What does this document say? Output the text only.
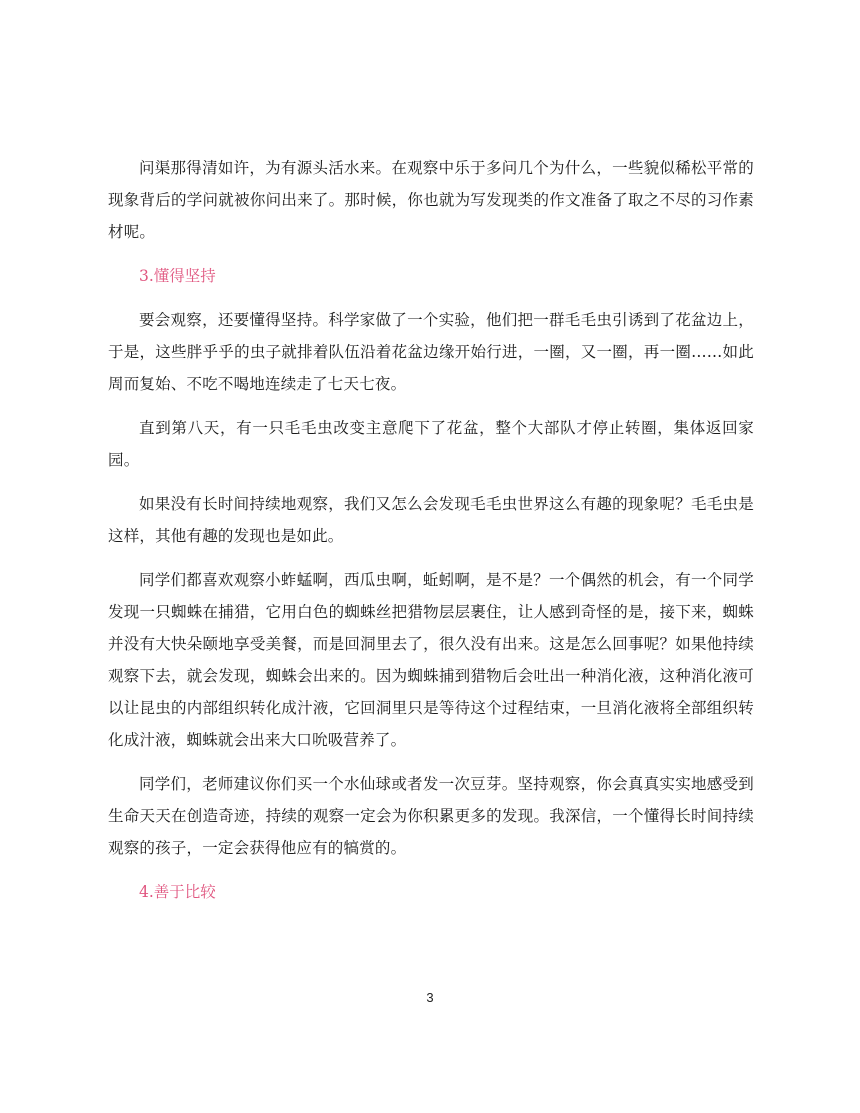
问渠那得清如许，为有源头活水来。在观察中乐于多问几个为什么，一些貌似稀松平常的现象背后的学问就被你问出来了。那时候，你也就为写发现类的作文准备了取之不尽的习作素材呢。

3.懂得坚持

要会观察，还要懂得坚持。科学家做了一个实验，他们把一群毛毛虫引诱到了花盆边上，于是，这些胖乎乎的虫子就排着队伍沿着花盆边缘开始行进，一圈，又一圈，再一圈……如此周而复始、不吃不喝地连续走了七天七夜。

直到第八天，有一只毛毛虫改变主意爬下了花盆，整个大部队才停止转圈，集体返回家园。

如果没有长时间持续地观察，我们又怎么会发现毛毛虫世界这么有趣的现象呢？毛毛虫是这样，其他有趣的发现也是如此。

同学们都喜欢观察小蚱蜢啊，西瓜虫啊，蚯蚓啊，是不是？一个偶然的机会，有一个同学发现一只蜘蛛在捕猎，它用白色的蜘蛛丝把猎物层层裹住，让人感到奇怪的是，接下来，蜘蛛并没有大快朵颐地享受美餐，而是回洞里去了，很久没有出来。这是怎么回事呢？如果他持续观察下去，就会发现，蜘蛛会出来的。因为蜘蛛捕到猎物后会吐出一种消化液，这种消化液可以让昆虫的内部组织转化成汁液，它回洞里只是等待这个过程结束，一旦消化液将全部组织转化成汁液，蜘蛛就会出来大口吮吸营养了。

同学们，老师建议你们买一个水仙球或者发一次豆芽。坚持观察，你会真真实实地感受到生命天天在创造奇迹，持续的观察一定会为你积累更多的发现。我深信，一个懂得长时间持续观察的孩子，一定会获得他应有的犒赏的。

4.善于比较
3
